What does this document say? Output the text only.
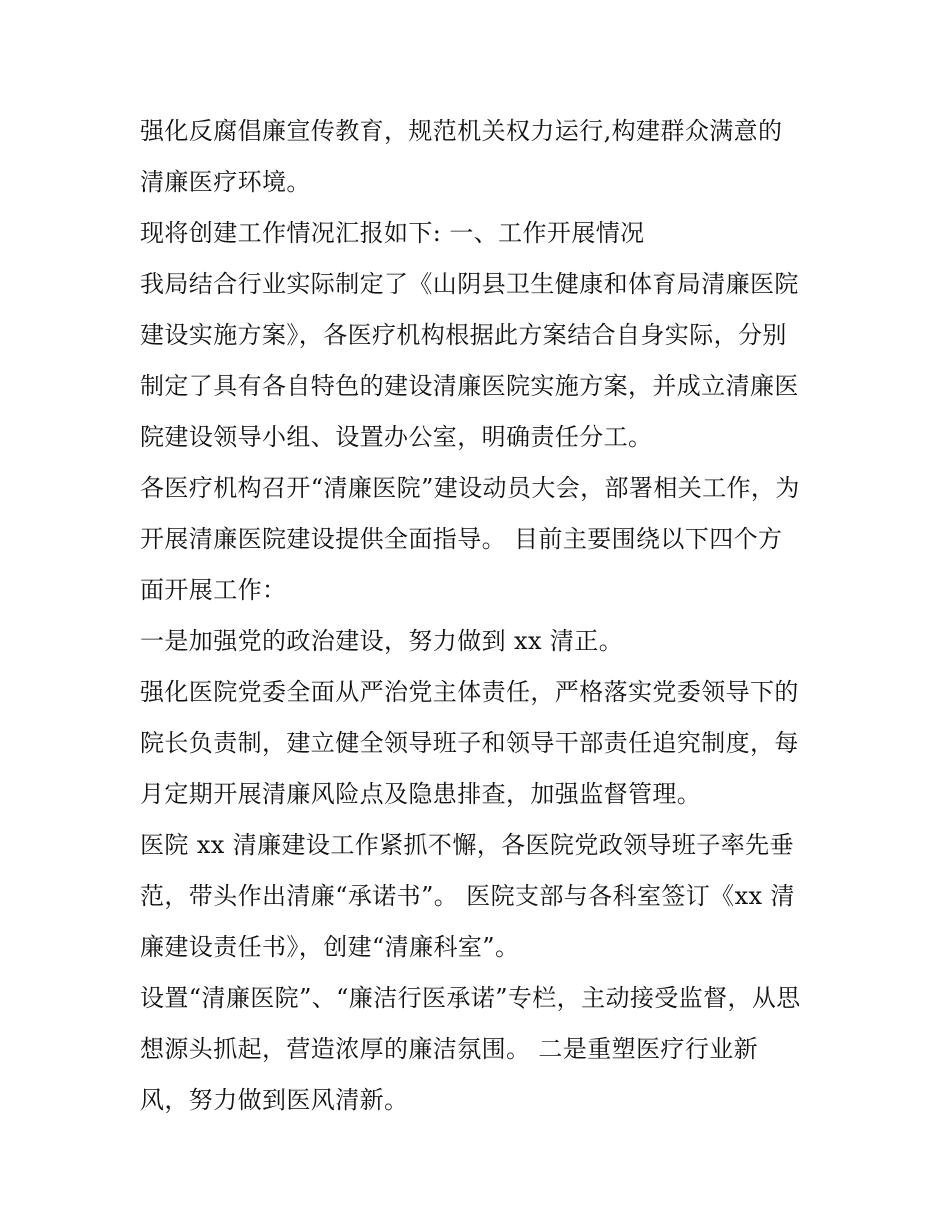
强化反腐倡廉宣传教育，规范机关权力运行,构建群众满意的
清廉医疗环境。
现将创建工作情况汇报如下: 一、工作开展情况
我局结合行业实际制定了《山阴县卫生健康和体育局清廉医院
建设实施方案》，各医疗机构根据此方案结合自身实际，分别
制定了具有各自特色的建设清廉医院实施方案，并成立清廉医
院建设领导小组、设置办公室，明确责任分工。
各医疗机构召开“清廉医院”建设动员大会，部署相关工作，为
开展清廉医院建设提供全面指导。 目前主要围绕以下四个方
面开展工作：
一是加强党的政治建设，努力做到 xx 清正。
强化医院党委全面从严治党主体责任，严格落实党委领导下的
院长负责制，建立健全领导班子和领导干部责任追究制度，每
月定期开展清廉风险点及隐患排查，加强监督管理。
医院 xx 清廉建设工作紧抓不懈，各医院党政领导班子率先垂
范，带头作出清廉“承诺书”。 医院支部与各科室签订《xx 清
廉建设责任书》，创建“清廉科室”。
设置“清廉医院”、“廉洁行医承诺”专栏，主动接受监督，从思
想源头抓起，营造浓厚的廉洁氛围。 二是重塑医疗行业新
风，努力做到医风清新。
